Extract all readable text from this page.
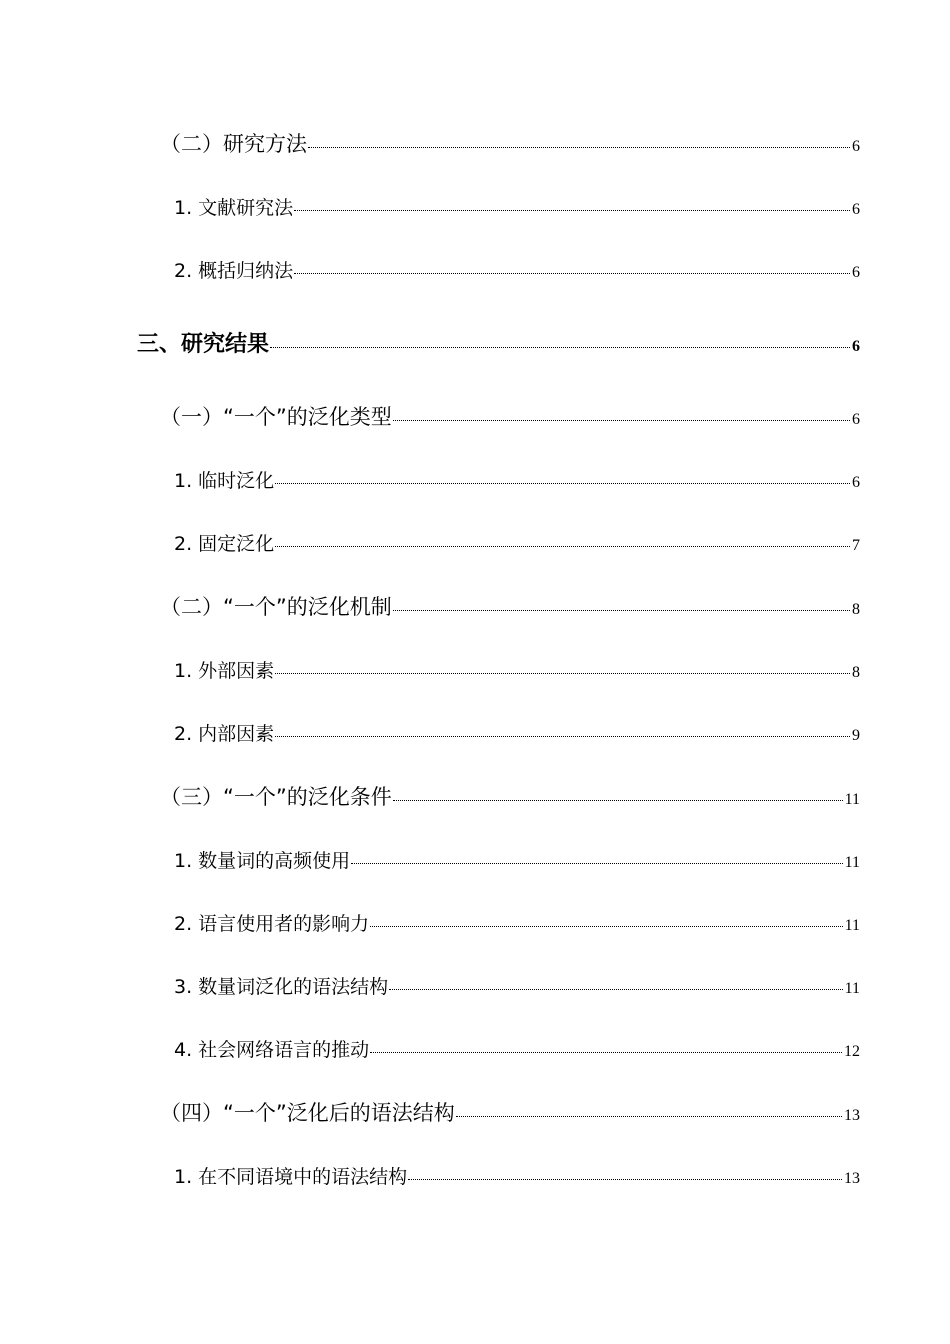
（二）研究方法	6
1. 文献研究法	6
2. 概括归纳法	6
三、研究结果	6
（一）“一个”的泛化类型	6
1. 临时泛化	6
2. 固定泛化	7
（二）“一个”的泛化机制	8
1. 外部因素	8
2. 内部因素	9
（三）“一个”的泛化条件	11
1. 数量词的高频使用	11
2. 语言使用者的影响力	11
3. 数量词泛化的语法结构	11
4. 社会网络语言的推动	12
（四）“一个”泛化后的语法结构	13
1. 在不同语境中的语法结构	13
